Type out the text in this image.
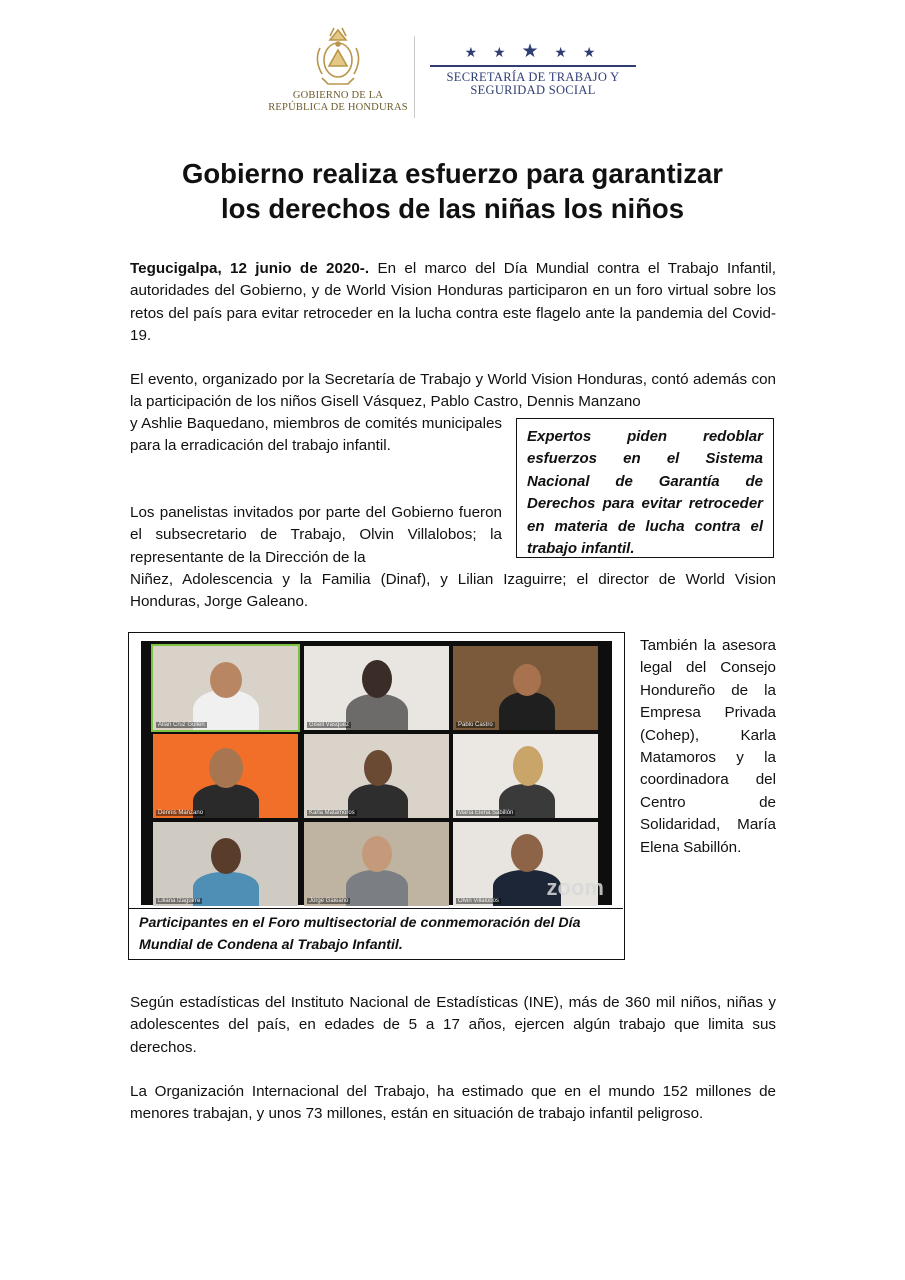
GOBIERNO DE LA
REPÚBLICA DE HONDURAS
★ ★ ★ ★ ★
SECRETARÍA DE TRABAJO Y
SEGURIDAD SOCIAL
Gobierno realiza esfuerzo para garantizar
los derechos de las niñas los niños
Tegucigalpa, 12 junio de 2020-. En el marco del Día Mundial contra el Trabajo Infantil, autoridades del Gobierno, y de World Vision Honduras participaron en un foro virtual sobre los retos del país para evitar retroceder en la lucha contra este flagelo ante la pandemia del Covid-19.
El evento, organizado por la Secretaría de Trabajo y World Vision Honduras, contó además con la participación de los niños Gisell Vásquez, Pablo Castro, Dennis Manzano
y Ashlie Baquedano, miembros de comités municipales para la erradicación del trabajo infantil.
Expertos piden redoblar esfuerzos en el Sistema Nacional de Garantía de Derechos para evitar retroceder en materia de lucha contra el trabajo infantil.
Los panelistas invitados por parte del Gobierno fueron el subsecretario de Trabajo, Olvin Villalobos; la representante de la Dirección de la
Niñez, Adolescencia y la Familia (Dinaf), y Lilian Izaguirre; el director de World Vision Honduras, Jorge Galeano.
Allan Cruz Gullen	Gisell Vásquez	Pablo Castro
Dennis Manzano	Karla Matamoros	María Elena Sabillón
Liliana Izaguirre	Jorge Galeano	Olvin Villalobos
zoom
Participantes en el Foro multisectorial de conmemoración del Día Mundial de Condena al Trabajo Infantil.
También la asesora legal del Consejo Hondureño de la Empresa Privada (Cohep), Karla Matamoros y la coordinadora del Centro de Solidaridad, María Elena Sabillón.
Según estadísticas del Instituto Nacional de Estadísticas (INE), más de 360 mil niños, niñas y adolescentes del país, en edades de 5 a 17 años, ejercen algún trabajo que limita sus derechos.
La Organización Internacional del Trabajo, ha estimado que en el mundo 152 millones de menores trabajan, y unos 73 millones, están en situación de trabajo infantil peligroso.
